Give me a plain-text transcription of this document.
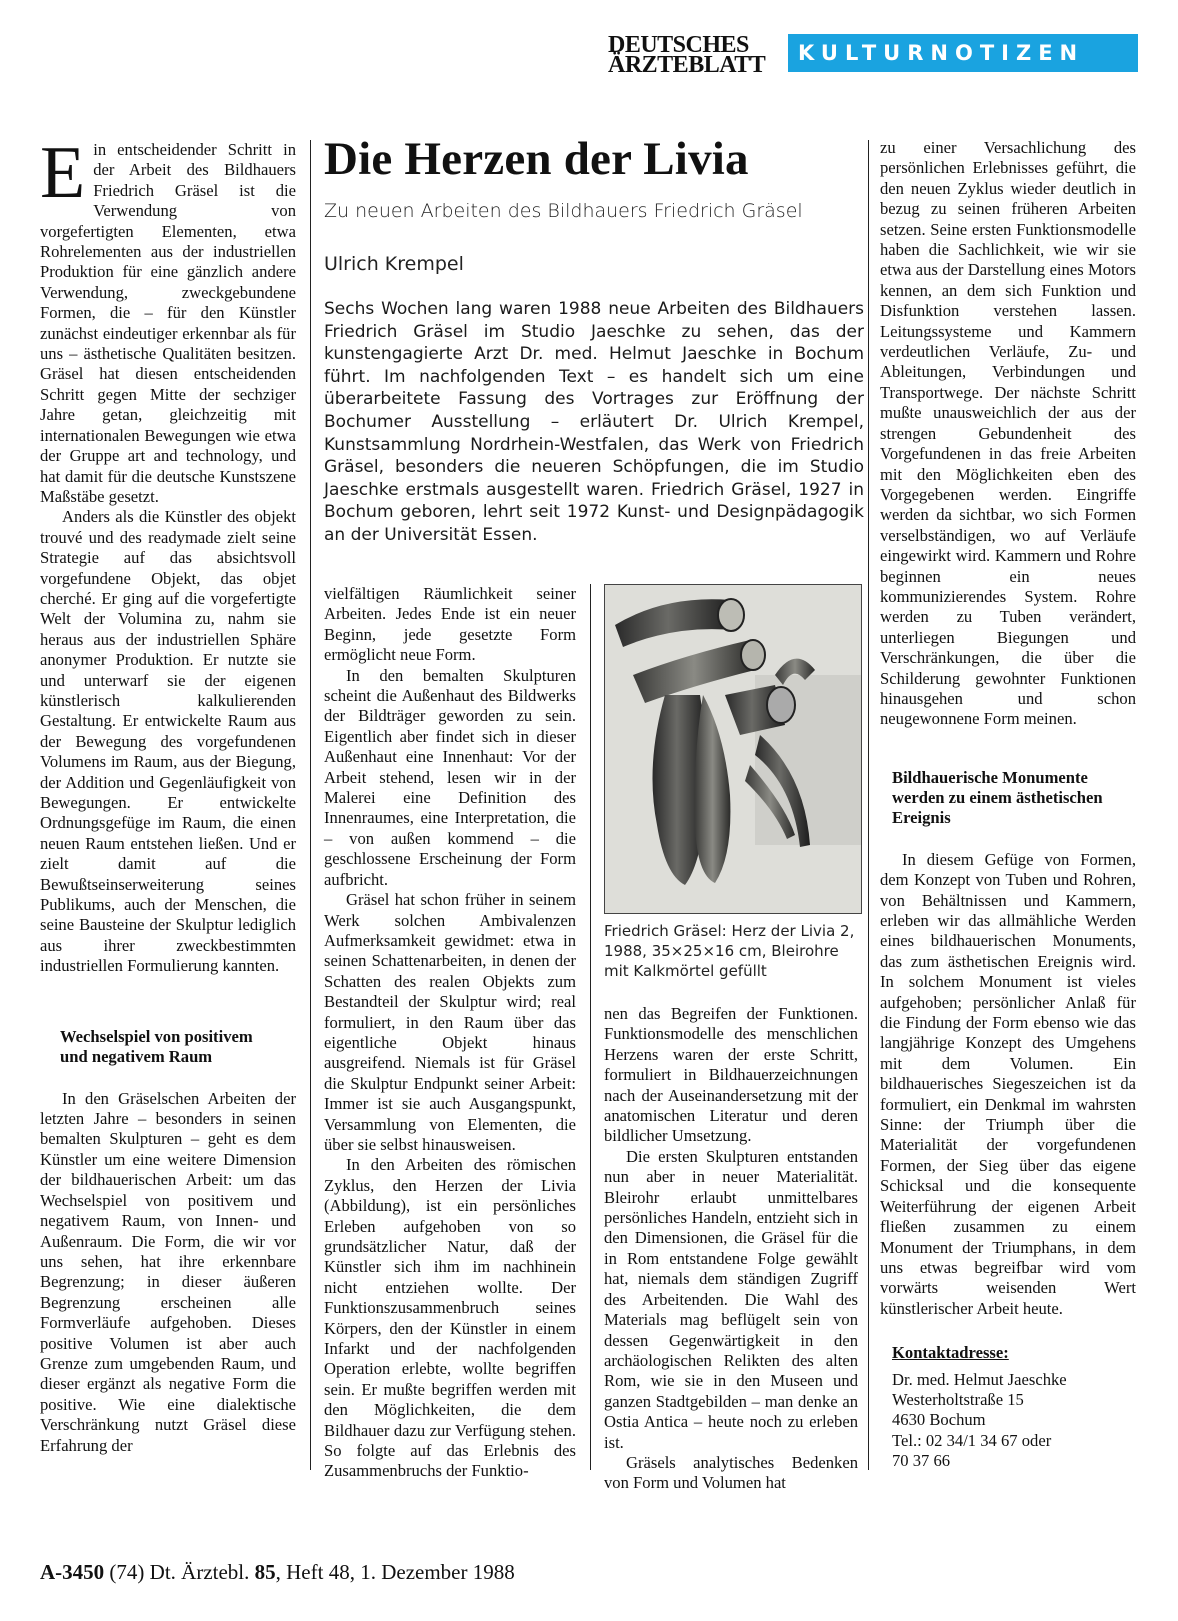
DEUTSCHES
ÄRZTEBLATT	KULTURNOTIZEN
Die Herzen der Livia
Zu neuen Arbeiten des Bildhauers Friedrich Gräsel
Ulrich Krempel
Sechs Wochen lang waren 1988 neue Arbeiten des Bildhauers Friedrich Gräsel im Studio Jaeschke zu sehen, das der kunstengagierte Arzt Dr. med. Helmut Jaeschke in Bochum führt. Im nachfolgenden Text – es handelt sich um eine überarbeitete Fassung des Vortrages zur Eröffnung der Bochumer Ausstellung – erläutert Dr. Ulrich Krempel, Kunstsammlung Nordrhein-Westfalen, das Werk von Friedrich Gräsel, besonders die neueren Schöpfungen, die im Studio Jaeschke erstmals ausgestellt waren. Friedrich Gräsel, 1927 in Bochum geboren, lehrt seit 1972 Kunst- und Designpädagogik an der Universität Essen.

Ein entscheidender Schritt in der Arbeit des Bildhauers Friedrich Gräsel ist die Verwendung von vorgefertigten Elementen, etwa Rohrelementen aus der industriellen Produktion für eine gänzlich andere Verwendung, zweckgebundene Formen, die – für den Künstler zunächst eindeutiger erkennbar als für uns – ästhetische Qualitäten besitzen. Gräsel hat diesen entscheidenden Schritt gegen Mitte der sechziger Jahre getan, gleichzeitig mit internationalen Bewegungen wie etwa der Gruppe art and technology, und hat damit für die deutsche Kunstszene Maßstäbe gesetzt.

Anders als die Künstler des objekt trouvé und des readymade zielt seine Strategie auf das absichtsvoll vorgefundene Objekt, das objet cherché. Er ging auf die vorgefertigte Welt der Volumina zu, nahm sie heraus aus der industriellen Sphäre anonymer Produktion. Er nutzte sie und unterwarf sie der eigenen künstlerisch kalkulierenden Gestaltung. Er entwickelte Raum aus der Bewegung des vorgefundenen Volumens im Raum, aus der Biegung, der Addition und Gegenläufigkeit von Bewegungen. Er entwickelte Ordnungsgefüge im Raum, die einen neuen Raum entstehen ließen. Und er zielt damit auf die Bewußtseinserweiterung seines Publikums, auch der Menschen, die seine Bausteine der Skulptur lediglich aus ihrer zweckbestimmten industriellen Formulierung kannten.

Wechselspiel von positivem und negativem Raum

In den Gräselschen Arbeiten der letzten Jahre – besonders in seinen bemalten Skulpturen – geht es dem Künstler um eine weitere Dimension der bildhauerischen Arbeit: um das Wechselspiel von positivem und negativem Raum, von Innen- und Außenraum. Die Form, die wir vor uns sehen, hat ihre erkennbare Begrenzung; in dieser äußeren Begrenzung erscheinen alle Formverläufe aufgehoben. Dieses positive Volumen ist aber auch Grenze zum umgebenden Raum, und dieser ergänzt als negative Form die positive. Wie eine dialektische Verschränkung nutzt Gräsel diese Erfahrung der

vielfältigen Räumlichkeit seiner Arbeiten. Jedes Ende ist ein neuer Beginn, jede gesetzte Form ermöglicht neue Form.

In den bemalten Skulpturen scheint die Außenhaut des Bildwerks der Bildträger geworden zu sein. Eigentlich aber findet sich in dieser Außenhaut eine Innenhaut: Vor der Arbeit stehend, lesen wir in der Malerei eine Definition des Innenraumes, eine Interpretation, die – von außen kommend – die geschlossene Erscheinung der Form aufbricht.

Gräsel hat schon früher in seinem Werk solchen Ambivalenzen Aufmerksamkeit gewidmet: etwa in seinen Schattenarbeiten, in denen der Schatten des realen Objekts zum Bestandteil der Skulptur wird; real formuliert, in den Raum über das eigentliche Objekt hinaus ausgreifend. Niemals ist für Gräsel die Skulptur Endpunkt seiner Arbeit: Immer ist sie auch Ausgangspunkt, Versammlung von Elementen, die über sie selbst hinausweisen.

In den Arbeiten des römischen Zyklus, den Herzen der Livia (Abbildung), ist ein persönliches Erleben aufgehoben von so grundsätzlicher Natur, daß der Künstler sich ihm im nachhinein nicht entziehen wollte. Der Funktionszusammenbruch seines Körpers, den der Künstler in einem Infarkt und der nachfolgenden Operation erlebte, wollte begriffen sein. Er mußte begriffen werden mit den Möglichkeiten, die dem Bildhauer dazu zur Verfügung stehen. So folgte auf das Erlebnis des Zusammenbruchs der Funktio-

Friedrich Gräsel: Herz der Livia 2, 1988, 35×25×16 cm, Bleirohre mit Kalkmörtel gefüllt

nen das Begreifen der Funktionen. Funktionsmodelle des menschlichen Herzens waren der erste Schritt, formuliert in Bildhauerzeichnungen nach der Auseinandersetzung mit der anatomischen Literatur und deren bildlicher Umsetzung.

Die ersten Skulpturen entstanden nun aber in neuer Materialität. Bleirohr erlaubt unmittelbares persönliches Handeln, entzieht sich in den Dimensionen, die Gräsel für die in Rom entstandene Folge gewählt hat, niemals dem ständigen Zugriff des Arbeitenden. Die Wahl des Materials mag beflügelt sein von dessen Gegenwärtigkeit in den archäologischen Relikten des alten Rom, wie sie in den Museen und ganzen Stadtgebilden – man denke an Ostia Antica – heute noch zu erleben ist.

Gräsels analytisches Bedenken von Form und Volumen hat

zu einer Versachlichung des persönlichen Erlebnisses geführt, die den neuen Zyklus wieder deutlich in bezug zu seinen früheren Arbeiten setzen. Seine ersten Funktionsmodelle haben die Sachlichkeit, wie wir sie etwa aus der Darstellung eines Motors kennen, an dem sich Funktion und Disfunktion verstehen lassen. Leitungssysteme und Kammern verdeutlichen Verläufe, Zu- und Ableitungen, Verbindungen und Transportwege. Der nächste Schritt mußte unausweichlich der aus der strengen Gebundenheit des Vorgefundenen in das freie Arbeiten mit den Möglichkeiten eben des Vorgegebenen werden. Eingriffe werden da sichtbar, wo sich Formen verselbständigen, wo auf Verläufe eingewirkt wird. Kammern und Rohre beginnen ein neues kommunizierendes System. Rohre werden zu Tuben verändert, unterliegen Biegungen und Verschränkungen, die über die Schilderung gewohnter Funktionen hinausgehen und schon neugewonnene Form meinen.

Bildhauerische Monumente werden zu einem ästhetischen Ereignis

In diesem Gefüge von Formen, dem Konzept von Tuben und Rohren, von Behältnissen und Kammern, erleben wir das allmähliche Werden eines bildhauerischen Monuments, das zum ästhetischen Ereignis wird. In solchem Monument ist vieles aufgehoben; persönlicher Anlaß für die Findung der Form ebenso wie das langjährige Konzept des Umgehens mit dem Volumen. Ein bildhauerisches Siegeszeichen ist da formuliert, ein Denkmal im wahrsten Sinne: der Triumph über die Materialität der vorgefundenen Formen, der Sieg über das eigene Schicksal und die konsequente Weiterführung der eigenen Arbeit fließen zusammen zu einem Monument der Triumphans, in dem uns etwas begreifbar wird vom vorwärts weisenden Wert künstlerischer Arbeit heute.

Kontaktadresse:

Dr. med. Helmut Jaeschke

Westerholtstraße 15

4630 Bochum

Tel.: 02 34/1 34 67 oder

70 37 66

A-3450 (74) Dt. Ärztebl. 85, Heft 48, 1. Dezember 1988
